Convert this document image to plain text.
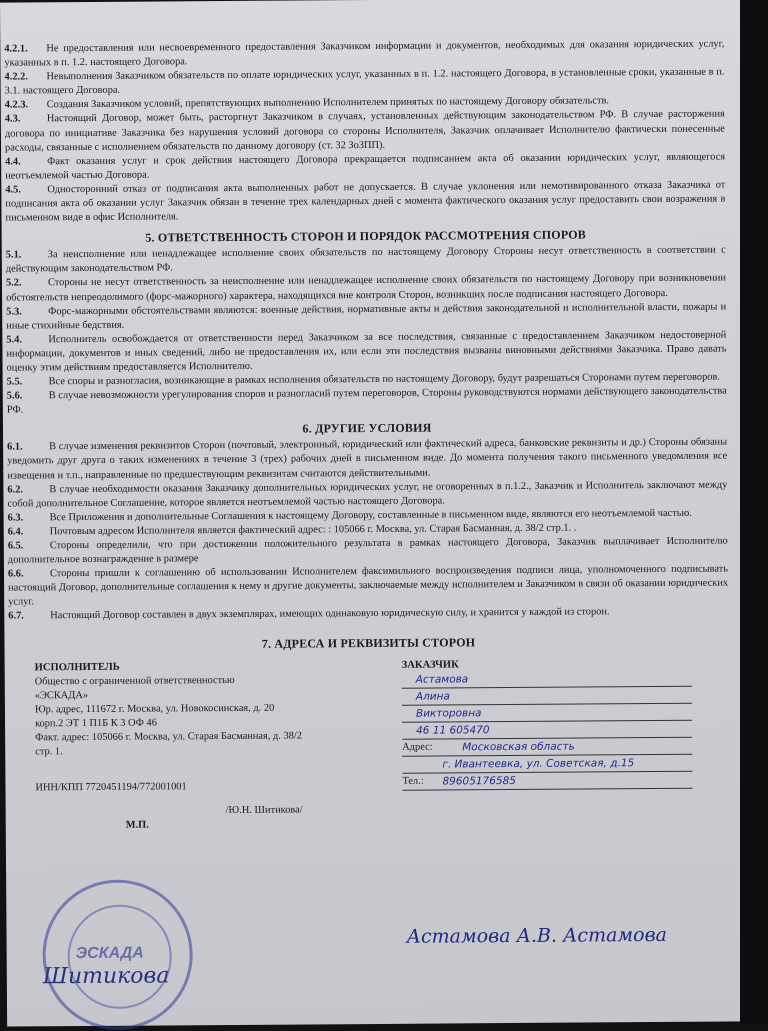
4.2.1. Не предоставления или несвоевременного предоставления Заказчиком информации и документов, необходимых для оказания юридических услуг, указанных в п. 1.2. настоящего Договора.

4.2.2. Невыполнения Заказчиком обязательств по оплате юридических услуг, указанных в п. 1.2. настоящего Договора, в установленные сроки, указанные в п. 3.1. настоящего Договора.

4.2.3. Создания Заказчиком условий, препятствующих выполнению Исполнителем принятых по настоящему Договору обязательств.

4.3.	Настоящий Договор, может быть, расторгнут Заказчиком в случаях, установленных действующим законодательством РФ. В случае расторжения договора по инициативе Заказчика без нарушения условий договора со стороны Исполнителя, Заказчик оплачивает Исполнителю фактически понесенные расходы, связанные с исполнением обязательств по данному договору (ст. 32 ЗоЗПП).

4.4.	Факт оказания услуг и срок действия настоящего Договора прекращается подписанием акта об оказании юридических услуг, являющегося неотъемлемой частью Договора.

4.5.	Односторонний отказ от подписания акта выполненных работ не допускается. В случае уклонения или немотивированного отказа Заказчика от подписания акта об оказании услуг Заказчик обязан в течение трех календарных дней с момента фактического оказания услуг предоставить свои возражения в письменном виде в офис Исполнителя.

5. ОТВЕТСТВЕННОСТЬ СТОРОН И ПОРЯДОК РАССМОТРЕНИЯ СПОРОВ

5.1.	За неисполнение или ненадлежащее исполнение своих обязательств по настоящему Договору Стороны несут ответственность в соответствии с действующим законодательством РФ.

5.2.	Стороны не несут ответственность за неисполнение или ненадлежащее исполнение своих обязательств по настоящему Договору при возникновении обстоятельств непреодолимого (форс-мажорного) характера, находящихся вне контроля Сторон, возникших после подписания настоящего Договора.

5.3.	Форс-мажорными обстоятельствами являются: военные действия, нормативные акты и действия законодательной и исполнительной власти, пожары и иные стихийные бедствия.

5.4.	Исполнитель освобождается от ответственности перед Заказчиком за все последствия, связанные с предоставлением Заказчиком недостоверной информации, документов и иных сведений, либо не предоставления их, или если эти последствия вызваны виновными действиями Заказчика. Право давать оценку этим действиям предоставляется Исполнителю.

5.5.	Все споры и разногласия, возникающие в рамках исполнения обязательств по настоящему Договору, будут разрешаться Сторонами путем переговоров.

5.6.	В случае невозможности урегулирования споров и разногласий путем переговоров, Стороны руководствуются нормами действующего законодательства РФ.

6. ДРУГИЕ УСЛОВИЯ

6.1.	В случае изменения реквизитов Сторон (почтовый, электронный, юридический или фактический адреса, банковские реквизиты и др.) Стороны обязаны уведомить друг друга о таких изменениях в течение 3 (трех) рабочих дней в письменном виде. До момента получения такого письменного уведомления все извещения и т.п., направленные по предшествующим реквизитам считаются действительными.

6.2.	В случае необходимости оказания Заказчику дополнительных юридических услуг, не оговоренных в п.1.2., Заказчик и Исполнитель заключают между собой дополнительное Соглашение, которое является неотъемлемой частью настоящего Договора.

6.3.	Все Приложения и дополнительные Соглашения к настоящему Договору, составленные в письменном виде, являются его неотъемлемой частью.

6.4.	Почтовым адресом Исполнителя является фактический адрес: : 105066 г. Москва, ул. Старая Басманная, д. 38/2 стр.1. .

6.5.	Стороны определили, что при достижении положительного результата в рамках настоящего Договора, Заказчик выплачивает Исполнителю дополнительное вознаграждение в размере

6.6.	Стороны пришли к соглашению об использовании Исполнителем факсимильного воспроизведения подписи лица, уполномоченного подписывать настоящий Договор, дополнительные соглашения к нему и другие документы, заключаемые между исполнителем и Заказчиком в связи об оказании юридических услуг.

6.7.	Настоящий Договор составлен в двух экземплярах, имеющих одинаковую юридическую силу, и хранится у каждой из сторон.

7. АДРЕСА И РЕКВИЗИТЫ СТОРОН
ИСПОЛНИТЕЛЬ
Общество с ограниченной ответственностью
«ЭСКАДА»
Юр. адрес, 111672 г. Москва, ул. Новокосинская, д. 20
корп.2 ЭТ 1 П1Б К 3 ОФ 46
Факт. адрес: 105066 г. Москва, ул. Старая Басманная, д. 38/2
стр. 1.
ИНН/КПП 7720451194/772001001
/Ю.Н. Шитикова/
М.П.
ЗАКАЗЧИК
Астамова
Алина
Викторовна
46 11 605470
Адрес:	Московская область
г. Ивантеевка, ул. Советская, д.15
Тел.: 89605176585
ЭСКАДА
Шитикова
Астамова А.В. Астамова
